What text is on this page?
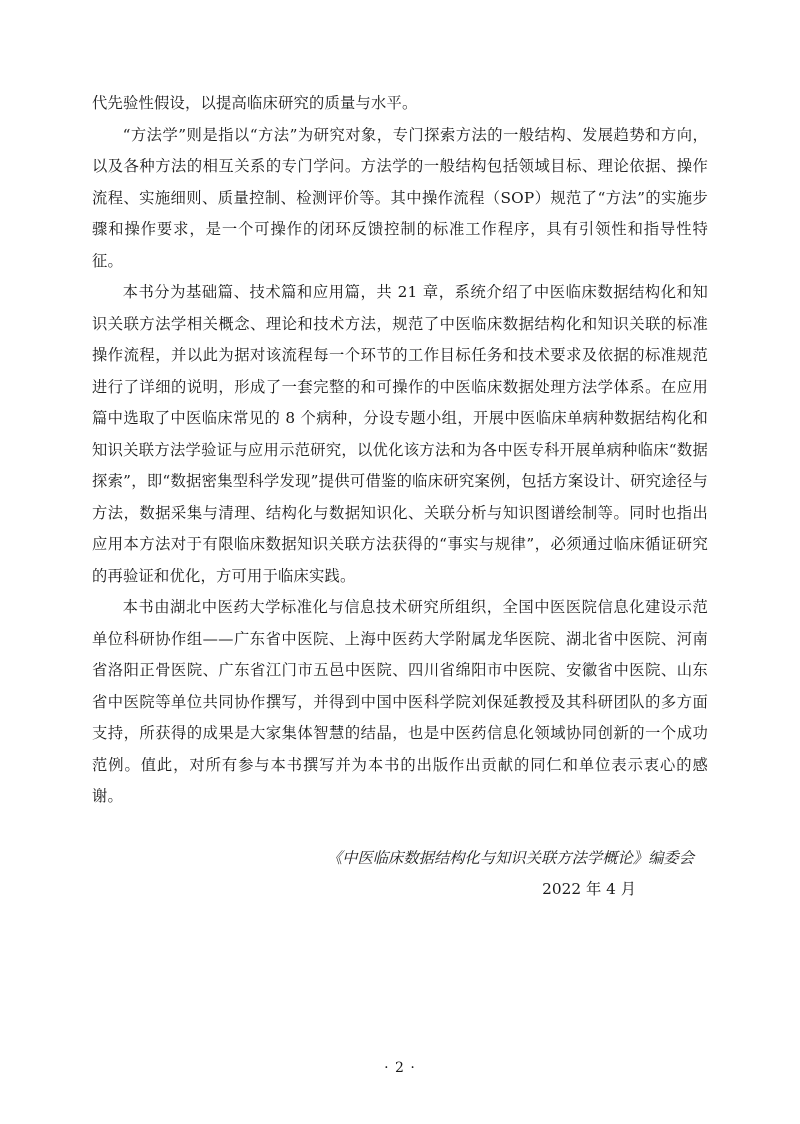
代先验性假设，以提高临床研究的质量与水平。

“方法学”则是指以“方法”为研究对象，专门探索方法的一般结构、发展趋势和方向，以及各种方法的相互关系的专门学问。方法学的一般结构包括领域目标、理论依据、操作流程、实施细则、质量控制、检测评价等。其中操作流程（SOP）规范了“方法”的实施步骤和操作要求，是一个可操作的闭环反馈控制的标准工作程序，具有引领性和指导性特征。

本书分为基础篇、技术篇和应用篇，共 21 章，系统介绍了中医临床数据结构化和知识关联方法学相关概念、理论和技术方法，规范了中医临床数据结构化和知识关联的标准操作流程，并以此为据对该流程每一个环节的工作目标任务和技术要求及依据的标准规范进行了详细的说明，形成了一套完整的和可操作的中医临床数据处理方法学体系。在应用篇中选取了中医临床常见的 8 个病种，分设专题小组，开展中医临床单病种数据结构化和知识关联方法学验证与应用示范研究，以优化该方法和为各中医专科开展单病种临床“数据探索”，即“数据密集型科学发现”提供可借鉴的临床研究案例，包括方案设计、研究途径与方法，数据采集与清理、结构化与数据知识化、关联分析与知识图谱绘制等。同时也指出应用本方法对于有限临床数据知识关联方法获得的“事实与规律”，必须通过临床循证研究的再验证和优化，方可用于临床实践。

本书由湖北中医药大学标准化与信息技术研究所组织，全国中医医院信息化建设示范单位科研协作组——广东省中医院、上海中医药大学附属龙华医院、湖北省中医院、河南省洛阳正骨医院、广东省江门市五邑中医院、四川省绵阳市中医院、安徽省中医院、山东省中医院等单位共同协作撰写，并得到中国中医科学院刘保延教授及其科研团队的多方面支持，所获得的成果是大家集体智慧的结晶，也是中医药信息化领域协同创新的一个成功范例。值此，对所有参与本书撰写并为本书的出版作出贡献的同仁和单位表示衷心的感谢。

《中医临床数据结构化与知识关联方法学概论》编委会
2022 年 4 月
· 2 ·
